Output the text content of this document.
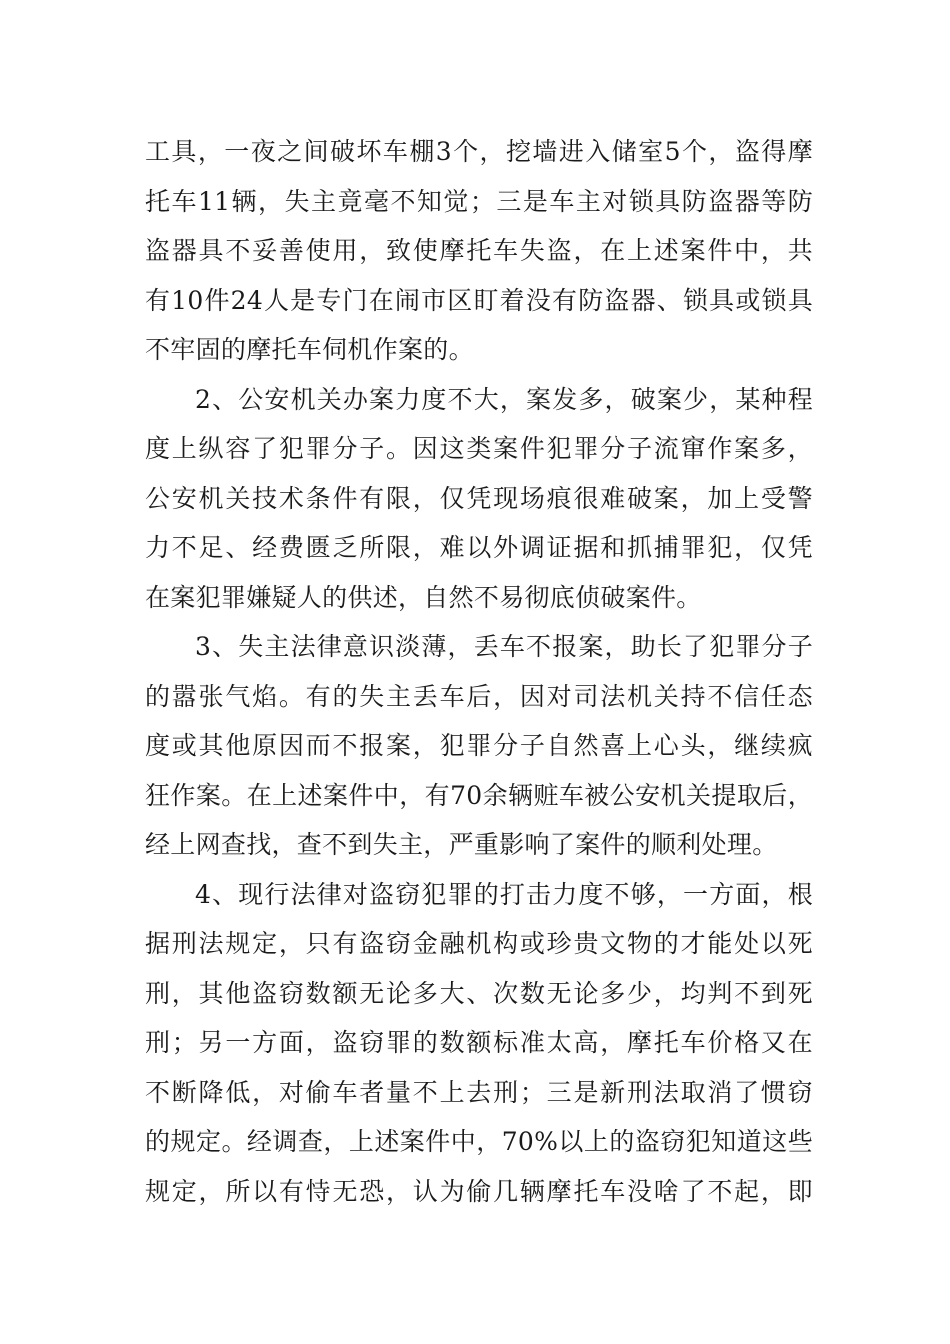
工具，一夜之间破坏车棚3个，挖墙进入储室5个，盗得摩
托车11辆，失主竟毫不知觉；三是车主对锁具防盗器等防
盗器具不妥善使用，致使摩托车失盗，在上述案件中，共
有10件24人是专门在闹市区盯着没有防盗器、锁具或锁具
不牢固的摩托车伺机作案的。
2、公安机关办案力度不大，案发多，破案少，某种程
度上纵容了犯罪分子。因这类案件犯罪分子流窜作案多，
公安机关技术条件有限，仅凭现场痕很难破案，加上受警
力不足、经费匮乏所限，难以外调证据和抓捕罪犯，仅凭
在案犯罪嫌疑人的供述，自然不易彻底侦破案件。
3、失主法律意识淡薄，丢车不报案，助长了犯罪分子
的嚣张气焰。有的失主丢车后，因对司法机关持不信任态
度或其他原因而不报案，犯罪分子自然喜上心头，继续疯
狂作案。在上述案件中，有70余辆赃车被公安机关提取后，
经上网查找，查不到失主，严重影响了案件的顺利处理。
4、现行法律对盗窃犯罪的打击力度不够，一方面，根
据刑法规定，只有盗窃金融机构或珍贵文物的才能处以死
刑，其他盗窃数额无论多大、次数无论多少，均判不到死
刑；另一方面，盗窃罪的数额标准太高，摩托车价格又在
不断降低，对偷车者量不上去刑；三是新刑法取消了惯窃
的规定。经调查，上述案件中，70%以上的盗窃犯知道这些
规定，所以有恃无恐，认为偷几辆摩托车没啥了不起，即
